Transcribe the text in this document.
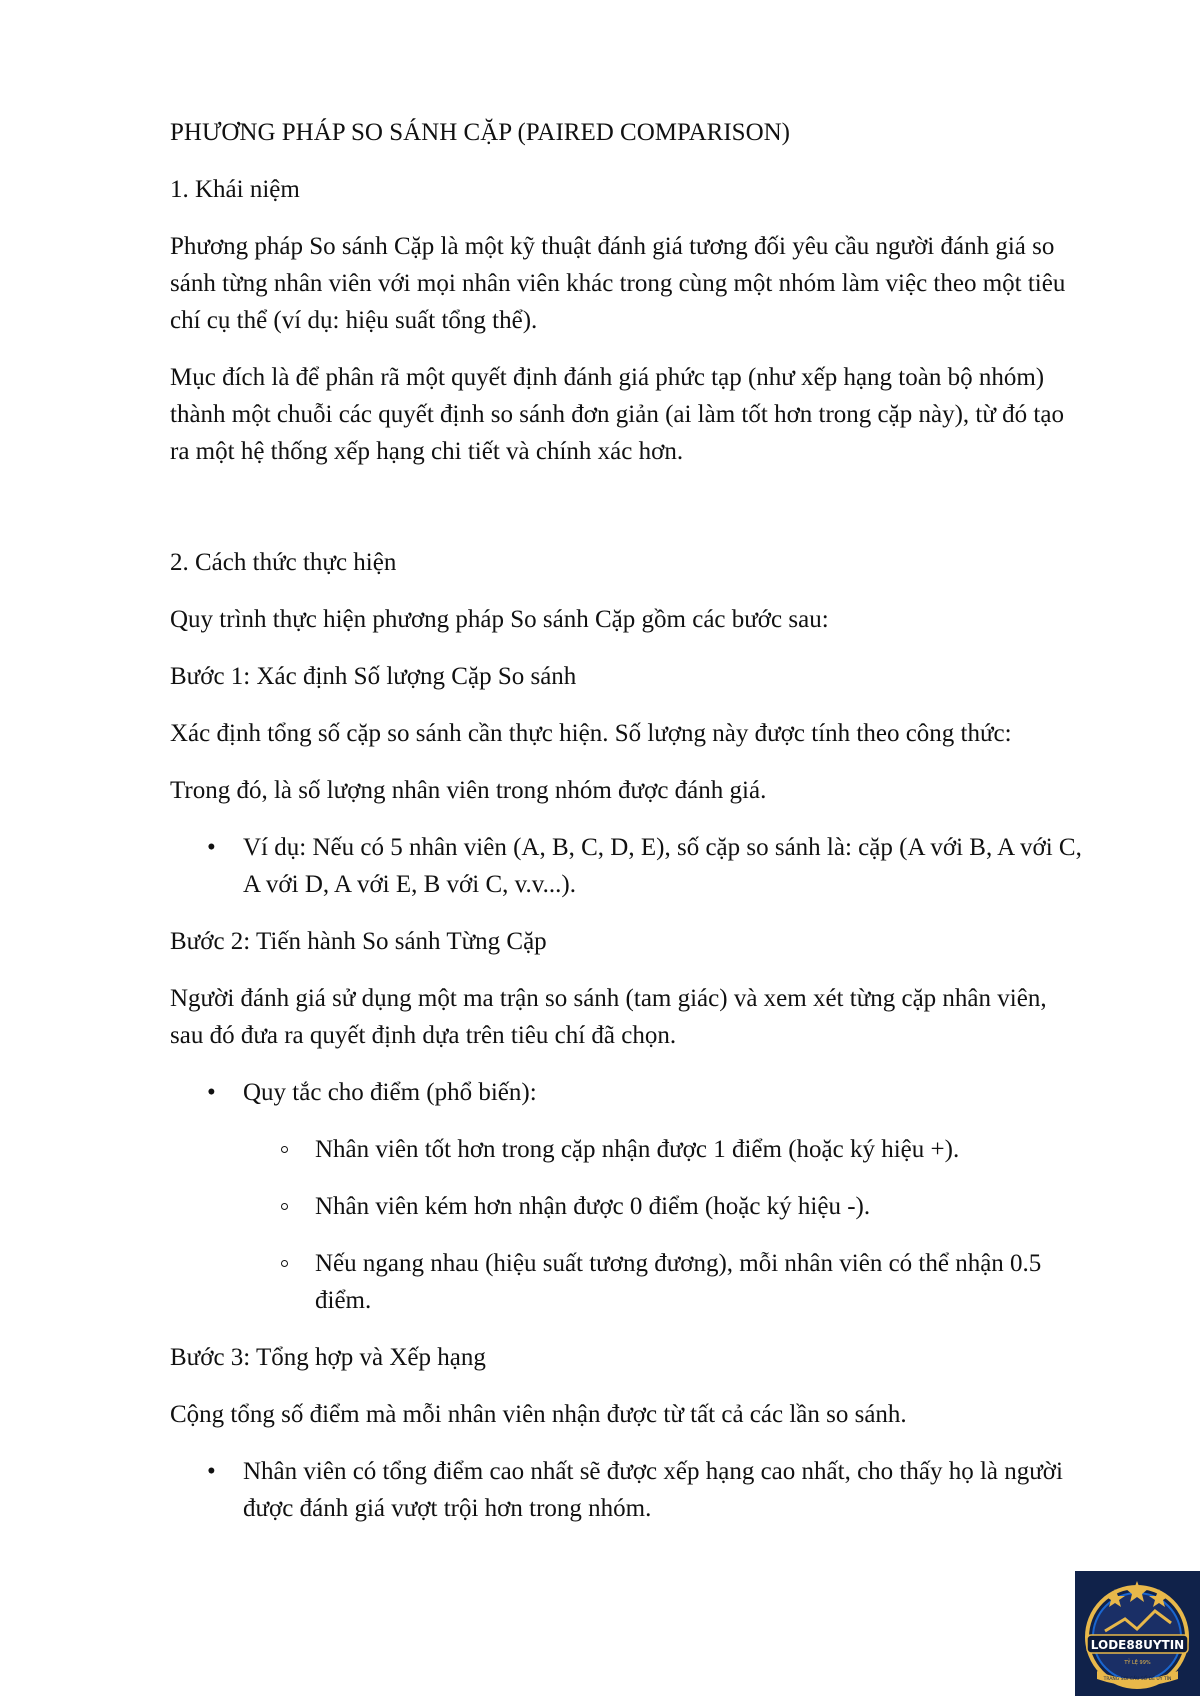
PHƯƠNG PHÁP SO SÁNH CẶP (PAIRED COMPARISON)

1. Khái niệm

Phương pháp So sánh Cặp là một kỹ thuật đánh giá tương đối yêu cầu người đánh giá so sánh từng nhân viên với mọi nhân viên khác trong cùng một nhóm làm việc theo một tiêu chí cụ thể (ví dụ: hiệu suất tổng thể).

Mục đích là để phân rã một quyết định đánh giá phức tạp (như xếp hạng toàn bộ nhóm) thành một chuỗi các quyết định so sánh đơn giản (ai làm tốt hơn trong cặp này), từ đó tạo ra một hệ thống xếp hạng chi tiết và chính xác hơn.

2. Cách thức thực hiện

Quy trình thực hiện phương pháp So sánh Cặp gồm các bước sau:

Bước 1: Xác định Số lượng Cặp So sánh

Xác định tổng số cặp so sánh cần thực hiện. Số lượng này được tính theo công thức:

Trong đó, là số lượng nhân viên trong nhóm được đánh giá.

• Ví dụ: Nếu có 5 nhân viên (A, B, C, D, E), số cặp so sánh là: cặp (A với B, A với C, A với D, A với E, B với C, v.v...).

Bước 2: Tiến hành So sánh Từng Cặp

Người đánh giá sử dụng một ma trận so sánh (tam giác) và xem xét từng cặp nhân viên, sau đó đưa ra quyết định dựa trên tiêu chí đã chọn.

• Quy tắc cho điểm (phổ biến):
Nhân viên tốt hơn trong cặp nhận được 1 điểm (hoặc ký hiệu +).
Nhân viên kém hơn nhận được 0 điểm (hoặc ký hiệu -).
Nếu ngang nhau (hiệu suất tương đương), mỗi nhân viên có thể nhận 0.5 điểm.

Bước 3: Tổng hợp và Xếp hạng

Cộng tổng số điểm mà mỗi nhân viên nhận được từ tất cả các lần so sánh.

• Nhân viên có tổng điểm cao nhất sẽ được xếp hạng cao nhất, cho thấy họ là người được đánh giá vượt trội hơn trong nhóm.
LODE88UYTIN
TỶ LỆ 99%
TRANG SOI CẦU SỐ ĐỀ UY TÍN
